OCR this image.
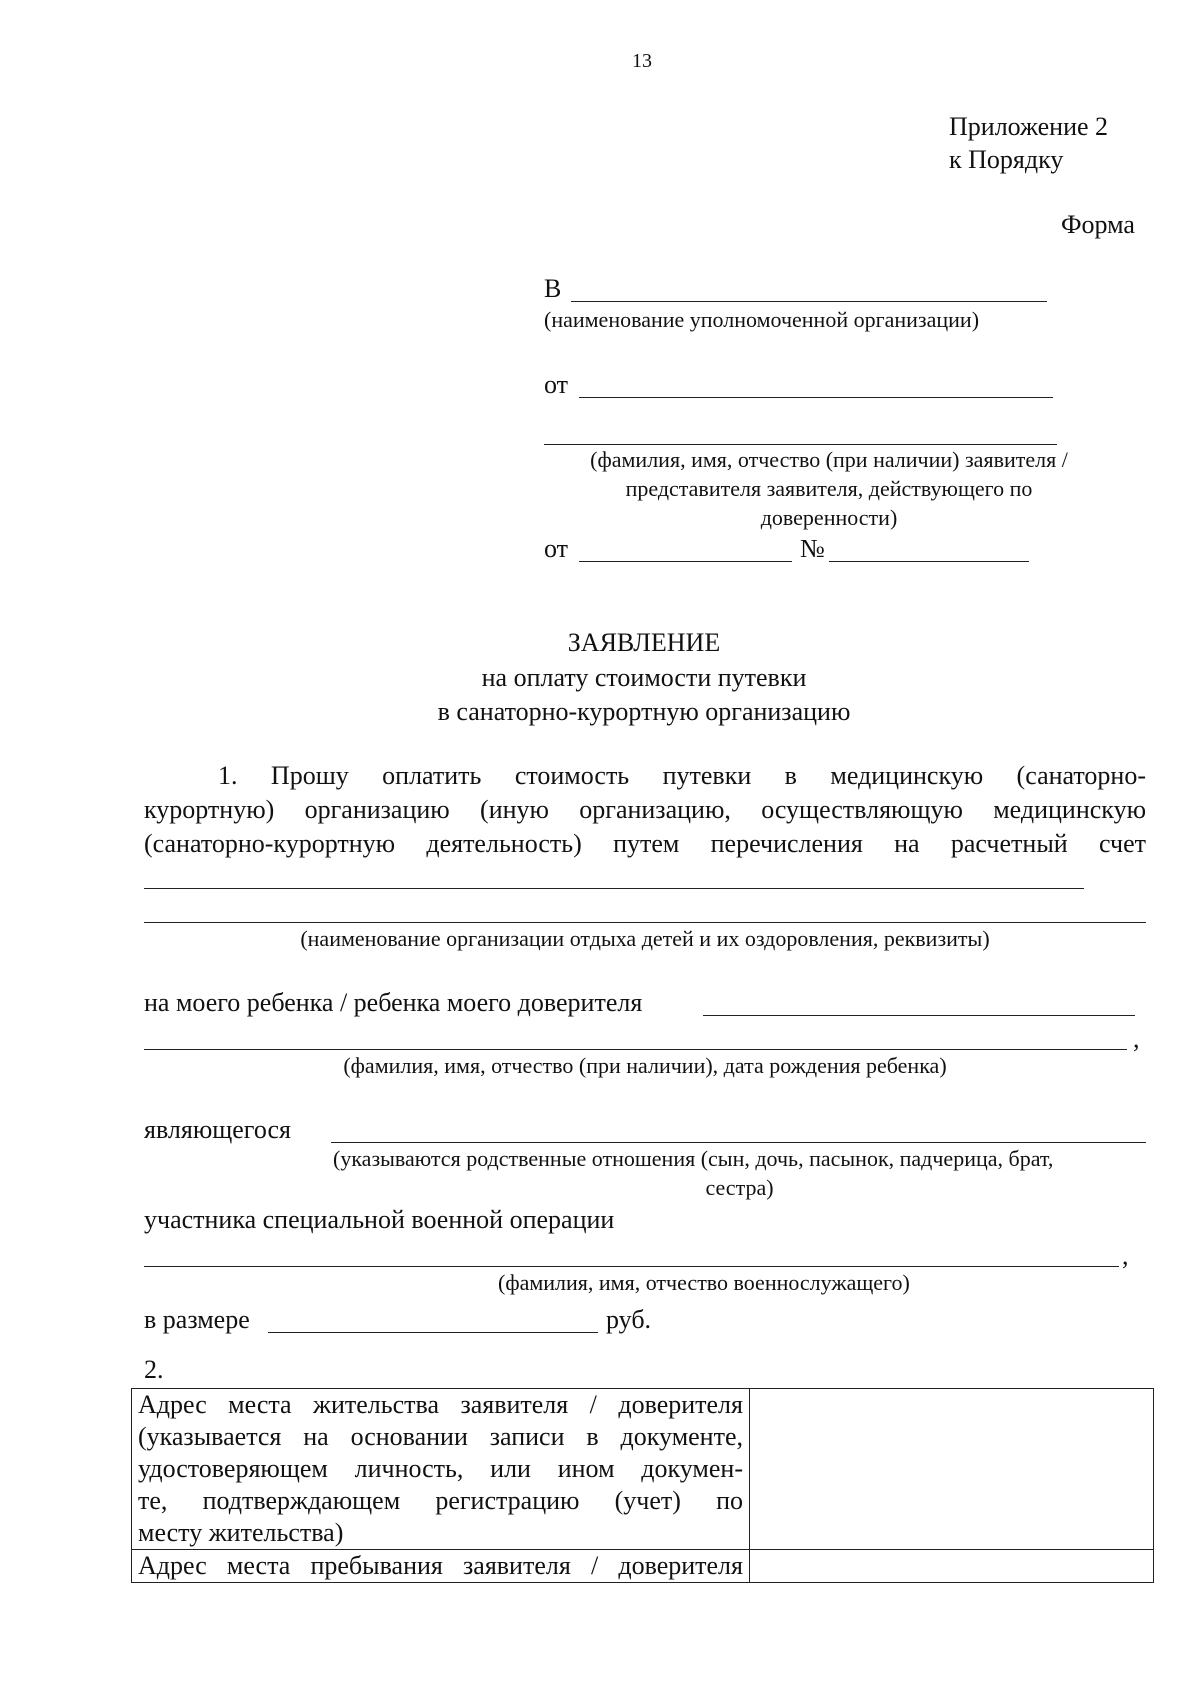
13
Приложение 2
к Порядку
Форма
В
(наименование уполномоченной организации)
от
(фамилия, имя, отчество (при наличии) заявителя /
представителя заявителя, действующего по
доверенности)
от	№
ЗАЯВЛЕНИЕ
на оплату стоимости путевки
в санаторно-курортную организацию
1. Прошу оплатить стоимость путевки в медицинскую (санаторно-
курортную) организацию (иную организацию, осуществляющую медицинскую
(санаторно-курортную деятельность) путем перечисления на расчетный счет
(наименование организации отдыха детей и их оздоровления, реквизиты)
на моего ребенка / ребенка моего доверителя
,
(фамилия, имя, отчество (при наличии), дата рождения ребенка)
являющегося
(указываются родственные отношения (сын, дочь, пасынок, падчерица, брат,
сестра)
участника специальной военной операции
,
(фамилия, имя, отчество военнослужащего)
в размере	руб.
2.
Адрес места жительства заявителя / доверителя
(указывается на основании записи в документе,
удостоверяющем личность, или ином докумен-
те, подтверждающем регистрацию (учет) по
месту жительства)	

Адрес места пребывания заявителя / доверителя	
